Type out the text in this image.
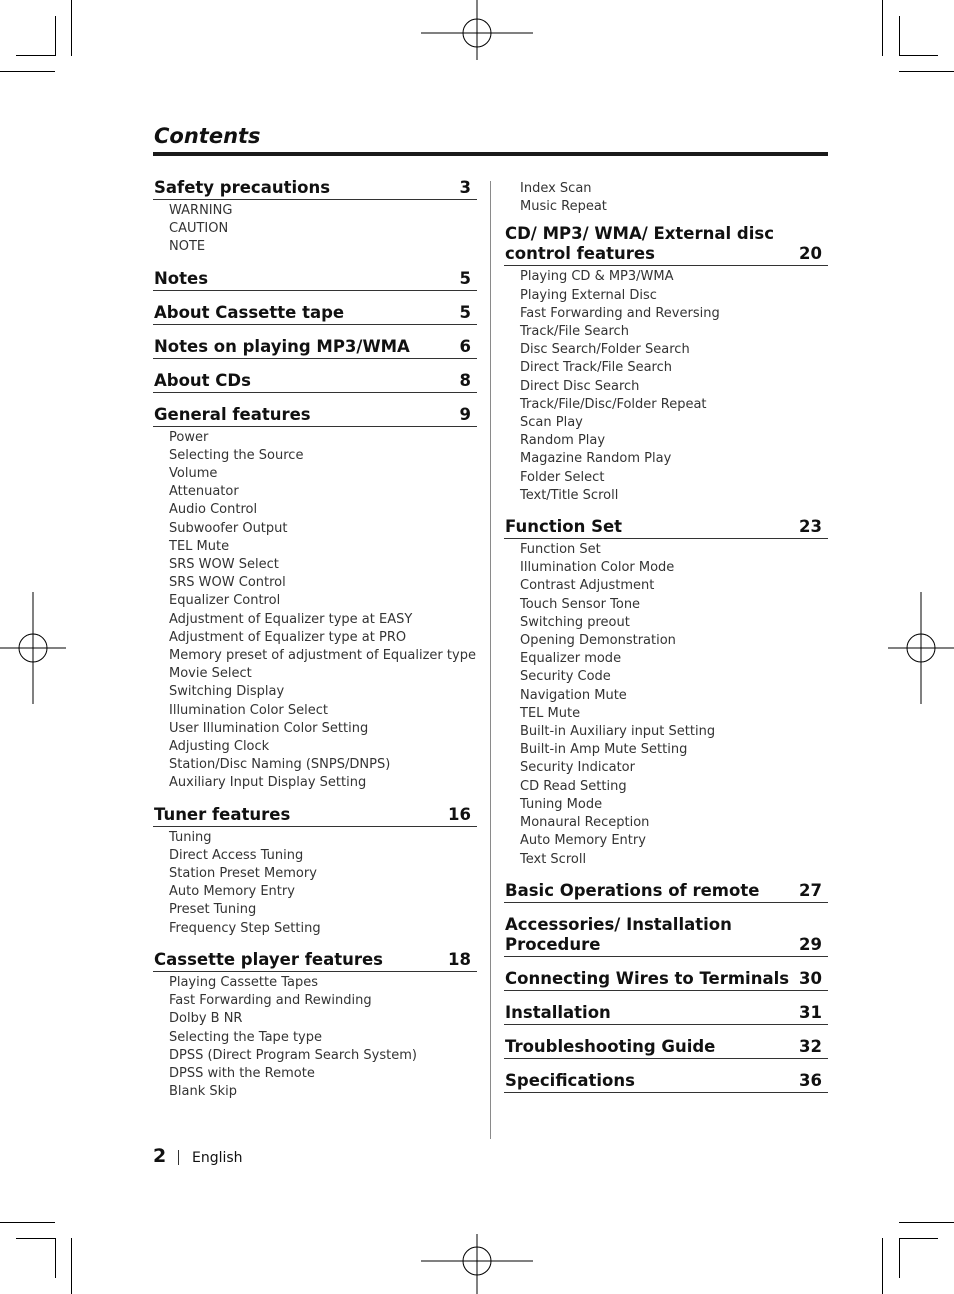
Contents
Safety precautions	3
WARNING
CAUTION
NOTE
Notes	5
About Cassette tape	5
Notes on playing MP3/WMA	6
About CDs	8
General features	9
Power
Selecting the Source
Volume
Attenuator
Audio Control
Subwoofer Output
TEL Mute
SRS WOW Select
SRS WOW Control
Equalizer Control
Adjustment of Equalizer type at EASY
Adjustment of Equalizer type at PRO
Memory preset of adjustment of Equalizer type
Movie Select
Switching Display
Illumination Color Select
User Illumination Color Setting
Adjusting Clock
Station/Disc Naming (SNPS/DNPS)
Auxiliary Input Display Setting
Tuner features	16
Tuning
Direct Access Tuning
Station Preset Memory
Auto Memory Entry
Preset Tuning
Frequency Step Setting
Cassette player features	18
Playing Cassette Tapes
Fast Forwarding and Rewinding
Dolby B NR
Selecting the Tape type
DPSS (Direct Program Search System)
DPSS with the Remote
Blank Skip
Index Scan
Music Repeat
CD/ MP3/ WMA/ External disc control features	20
Playing CD & MP3/WMA
Playing External Disc
Fast Forwarding and Reversing
Track/File Search
Disc Search/Folder Search
Direct Track/File Search
Direct Disc Search
Track/File/Disc/Folder Repeat
Scan Play
Random Play
Magazine Random Play
Folder Select
Text/Title Scroll
Function Set	23
Function Set
Illumination Color Mode
Contrast Adjustment
Touch Sensor Tone
Switching preout
Opening Demonstration
Equalizer mode
Security Code
Navigation Mute
TEL Mute
Built-in Auxiliary input Setting
Built-in Amp Mute Setting
Security Indicator
CD Read Setting
Tuning Mode
Monaural Reception
Auto Memory Entry
Text Scroll
Basic Operations of remote	27
Accessories/ Installation Procedure	29
Connecting Wires to Terminals 30
Installation	31
Troubleshooting Guide	32
Specifications	36
2 English
